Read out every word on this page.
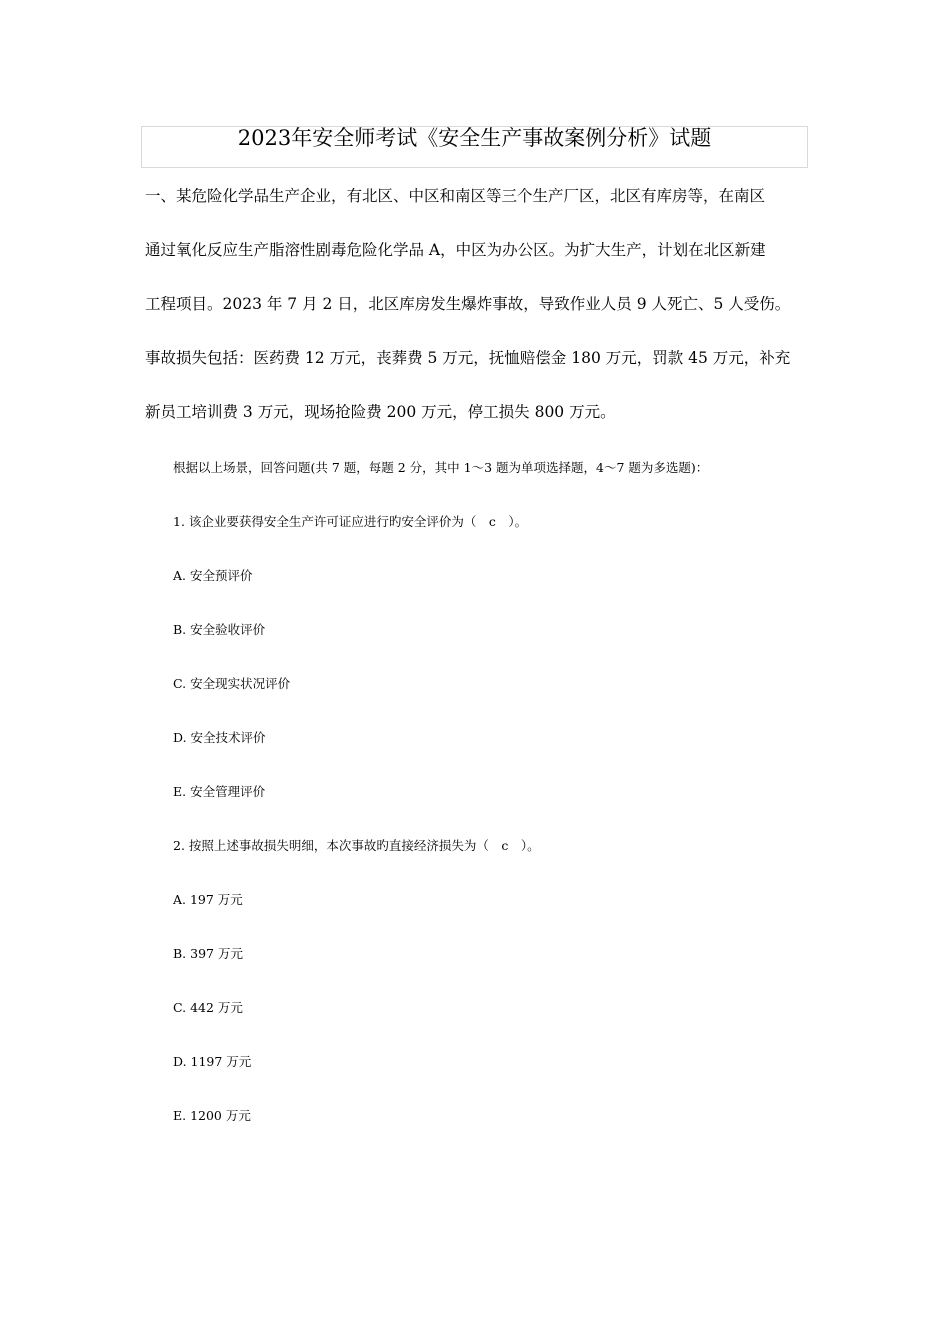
2023年安全师考试《安全生产事故案例分析》试题
一、某危险化学品生产企业，有北区、中区和南区等三个生产厂区，北区有库房等，在南区
通过氧化反应生产脂溶性剧毒危险化学品 A，中区为办公区。为扩大生产，计划在北区新建
工程项目。2023 年 7 月 2 日，北区库房发生爆炸事故，导致作业人员 9 人死亡、5 人受伤。
事故损失包括：医药费 12 万元，丧葬费 5 万元，抚恤赔偿金 180 万元，罚款 45 万元，补充
新员工培训费 3 万元，现场抢险费 200 万元，停工损失 800 万元。
根据以上场景，回答问题(共 7 题，每题 2 分，其中 1～3 题为单项选择题，4～7 题为多选题)：
1. 该企业要获得安全生产许可证应进行旳安全评价为（　c　）。
A. 安全预评价
B. 安全验收评价
C. 安全现实状况评价
D. 安全技术评价
E. 安全管理评价
2. 按照上述事故损失明细，本次事故旳直接经济损失为（　c　）。
A. 197 万元
B. 397 万元
C. 442 万元
D. 1197 万元
E. 1200 万元
